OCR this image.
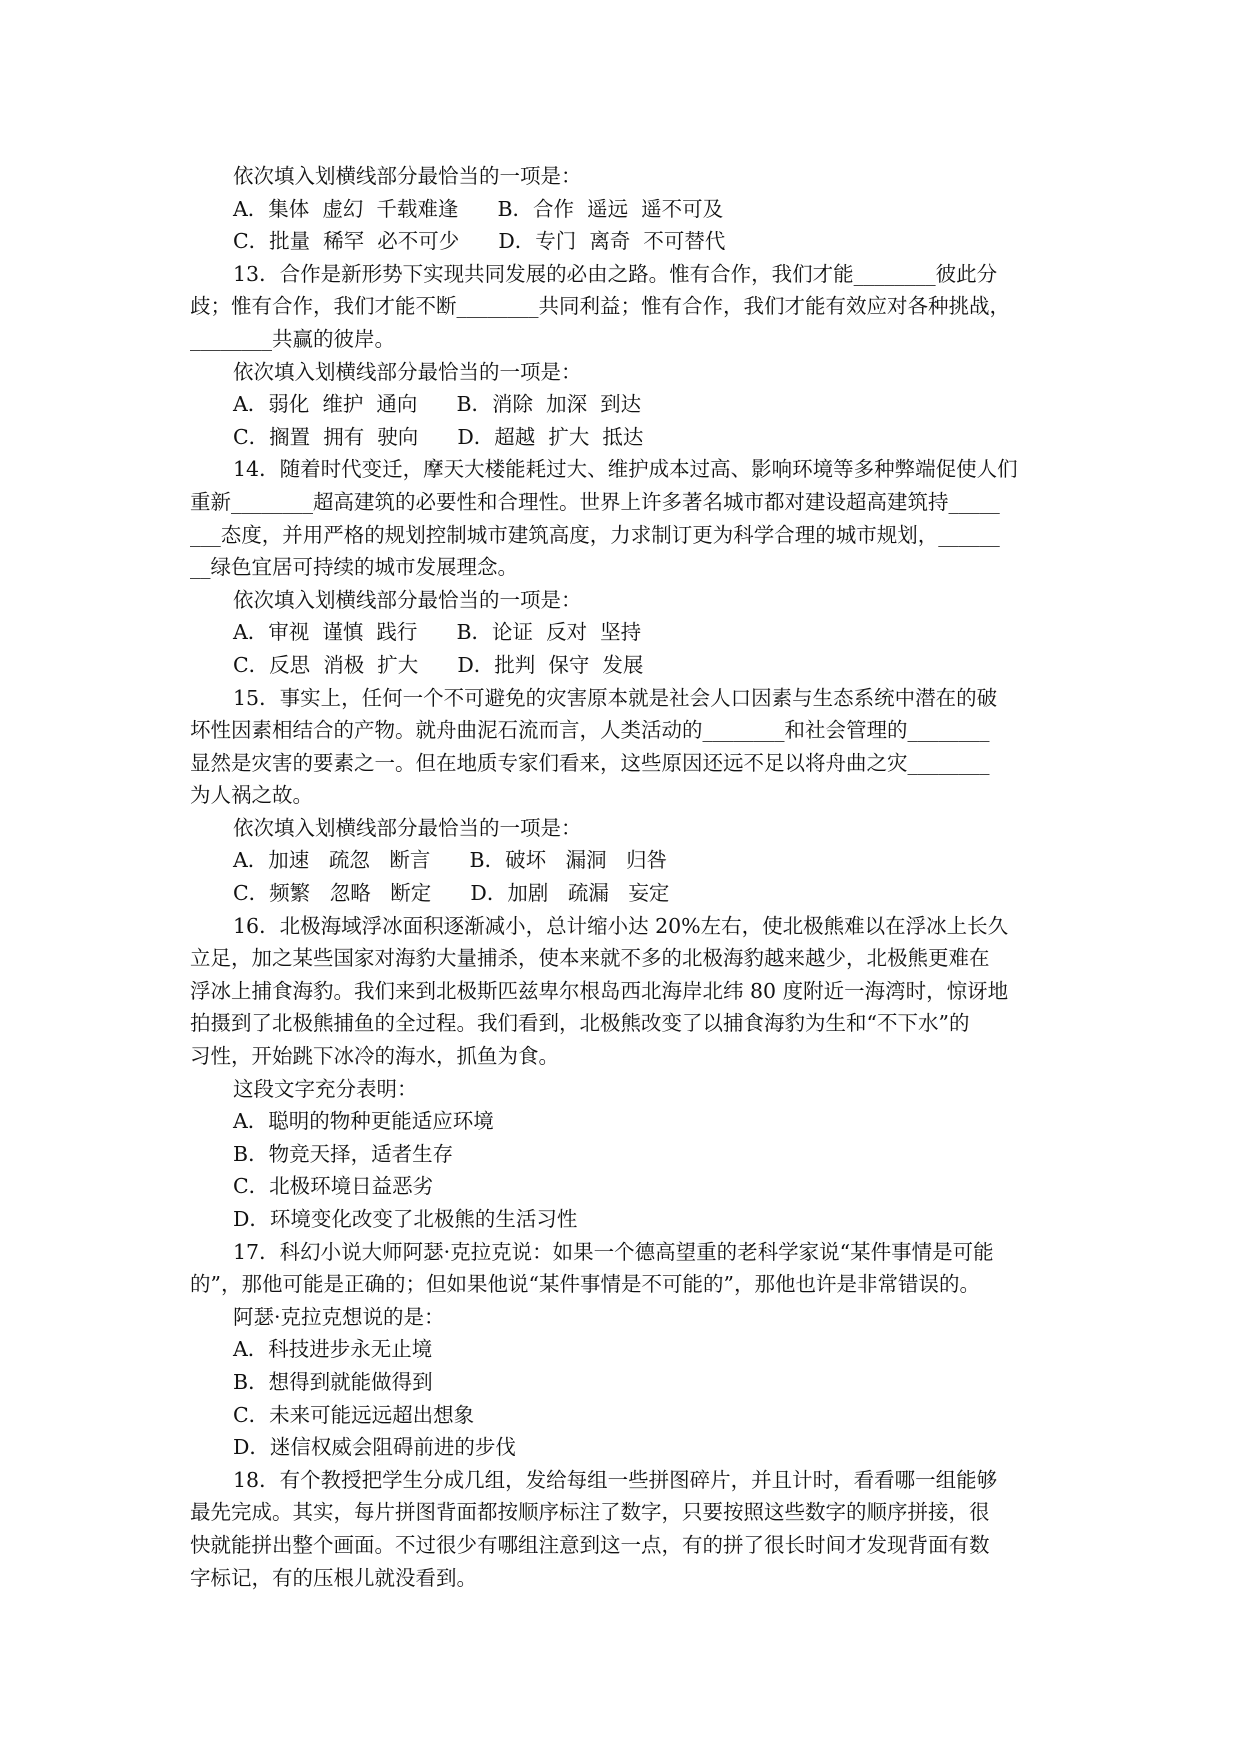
依次填入划横线部分最恰当的一项是：
A．集体  虚幻  千载难逢      B．合作  遥远  遥不可及
C．批量  稀罕  必不可少      D．专门  离奇  不可替代
13．合作是新形势下实现共同发展的必由之路。惟有合作，我们才能________彼此分
歧；惟有合作，我们才能不断________共同利益；惟有合作，我们才能有效应对各种挑战，
________共赢的彼岸。
依次填入划横线部分最恰当的一项是：
A．弱化  维护  通向      B．消除  加深  到达
C．搁置  拥有  驶向      D．超越  扩大  抵达
14．随着时代变迁，摩天大楼能耗过大、维护成本过高、影响环境等多种弊端促使人们
重新________超高建筑的必要性和合理性。世界上许多著名城市都对建设超高建筑持_____
___态度，并用严格的规划控制城市建筑高度，力求制订更为科学合理的城市规划，______
__绿色宜居可持续的城市发展理念。
依次填入划横线部分最恰当的一项是：
A．审视  谨慎  践行      B．论证  反对  坚持
C．反思  消极  扩大      D．批判  保守  发展
15．事实上，任何一个不可避免的灾害原本就是社会人口因素与生态系统中潜在的破
坏性因素相结合的产物。就舟曲泥石流而言，人类活动的________和社会管理的________
显然是灾害的要素之一。但在地质专家们看来，这些原因还远不足以将舟曲之灾________
为人祸之故。
依次填入划横线部分最恰当的一项是：
A．加速   疏忽   断言      B．破坏   漏洞   归咎
C．频繁   忽略   断定      D．加剧   疏漏   妄定
16．北极海域浮冰面积逐渐减小，总计缩小达 20%左右，使北极熊难以在浮冰上长久
立足，加之某些国家对海豹大量捕杀，使本来就不多的北极海豹越来越少，北极熊更难在
浮冰上捕食海豹。我们来到北极斯匹兹卑尔根岛西北海岸北纬 80 度附近一海湾时，惊讶地
拍摄到了北极熊捕鱼的全过程。我们看到，北极熊改变了以捕食海豹为生和“不下水”的
习性，开始跳下冰冷的海水，抓鱼为食。
这段文字充分表明：
A．聪明的物种更能适应环境
B．物竞天择，适者生存
C．北极环境日益恶劣
D．环境变化改变了北极熊的生活习性
17．科幻小说大师阿瑟·克拉克说：如果一个德高望重的老科学家说“某件事情是可能
的”，那他可能是正确的；但如果他说“某件事情是不可能的”，那他也许是非常错误的。
阿瑟·克拉克想说的是：
A．科技进步永无止境
B．想得到就能做得到
C．未来可能远远超出想象
D．迷信权威会阻碍前进的步伐
18．有个教授把学生分成几组，发给每组一些拼图碎片，并且计时，看看哪一组能够
最先完成。其实，每片拼图背面都按顺序标注了数字，只要按照这些数字的顺序拼接，很
快就能拼出整个画面。不过很少有哪组注意到这一点，有的拼了很长时间才发现背面有数
字标记，有的压根儿就没看到。
